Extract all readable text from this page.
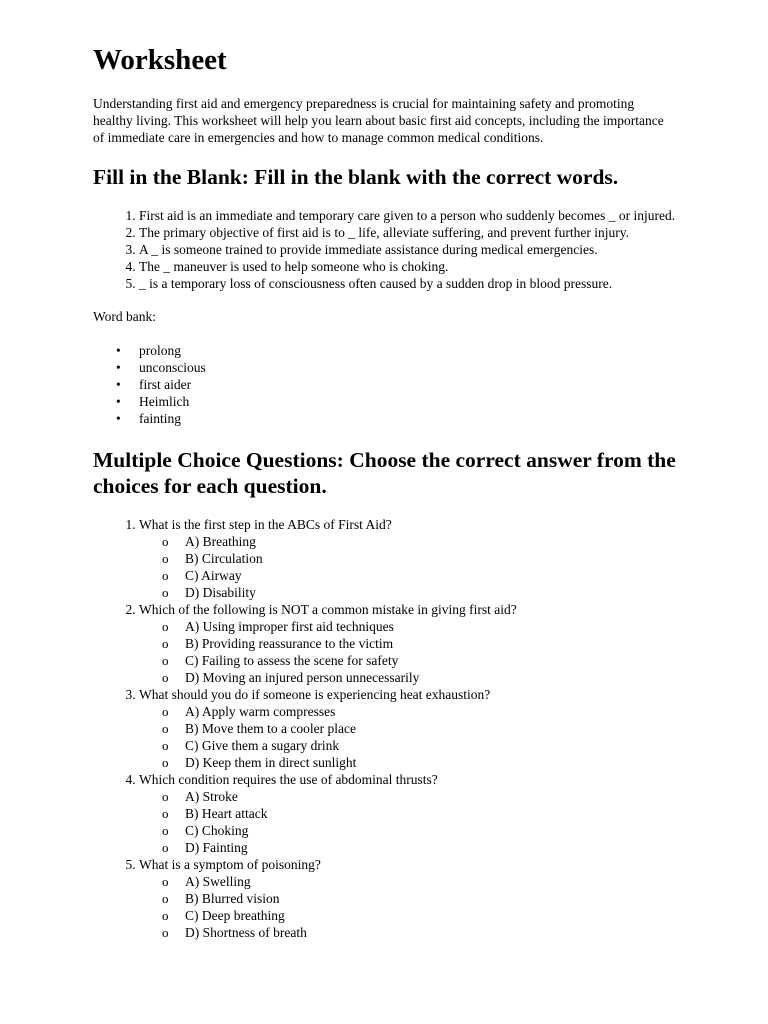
Worksheet

Understanding first aid and emergency preparedness is crucial for maintaining safety and promoting healthy living. This worksheet will help you learn about basic first aid concepts, including the importance of immediate care in emergencies and how to manage common medical conditions.

Fill in the Blank: Fill in the blank with the correct words.
1. First aid is an immediate and temporary care given to a person who suddenly becomes _ or injured.
2. The primary objective of first aid is to _ life, alleviate suffering, and prevent further injury.
3. A _ is someone trained to provide immediate assistance during medical emergencies.
4. The _ maneuver is used to help someone who is choking.
5. _ is a temporary loss of consciousness often caused by a sudden drop in blood pressure.

Word bank:

• prolong
• unconscious
• first aider
• Heimlich
• fainting
Multiple Choice Questions: Choose the correct answer from the choices for each question.
1. What is the first step in the ABCs of First Aid?
o A) Breathing
o B) Circulation
o C) Airway
o D) Disability
2. Which of the following is NOT a common mistake in giving first aid?
o A) Using improper first aid techniques
o B) Providing reassurance to the victim
o C) Failing to assess the scene for safety
o D) Moving an injured person unnecessarily
3. What should you do if someone is experiencing heat exhaustion?
o A) Apply warm compresses
o B) Move them to a cooler place
o C) Give them a sugary drink
o D) Keep them in direct sunlight
4. Which condition requires the use of abdominal thrusts?
o A) Stroke
o B) Heart attack
o C) Choking
o D) Fainting
5. What is a symptom of poisoning?
o A) Swelling
o B) Blurred vision
o C) Deep breathing
o D) Shortness of breath
